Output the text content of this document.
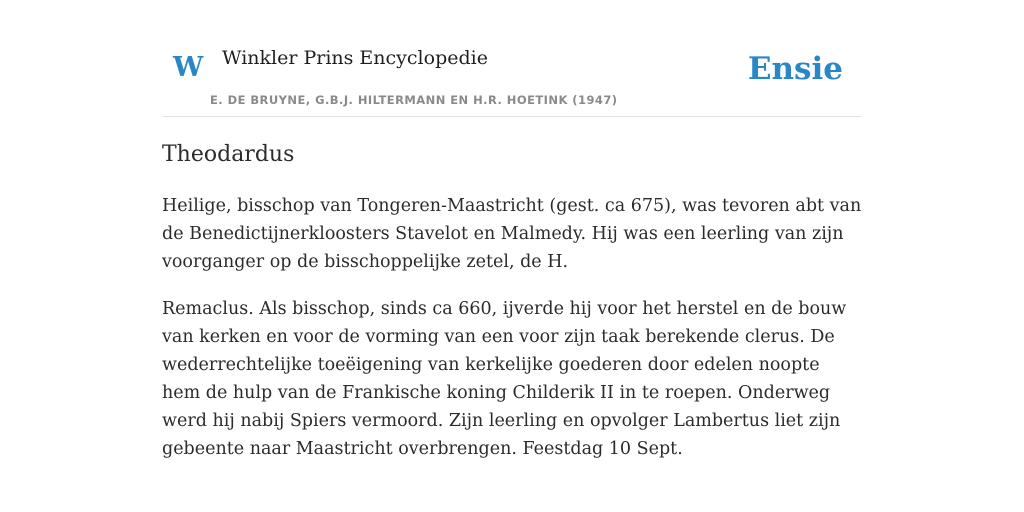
W Winkler Prins Encyclopedie
E. DE BRUYNE, G.B.J. HILTERMANN EN H.R. HOETINK (1947)
Ensie
Theodardus

Heilige, bisschop van Tongeren-Maastricht (gest. ca 675), was tevoren abt van de Benedictijnerkloosters Stavelot en Malmedy. Hij was een leerling van zijn voorganger op de bisschoppelijke zetel, de H.

Remaclus. Als bisschop, sinds ca 660, ijverde hij voor het herstel en de bouw van kerken en voor de vorming van een voor zijn taak berekende clerus. De wederrechtelijke toeëigening van kerkelijke goederen door edelen noopte hem de hulp van de Frankische koning Childerik II in te roepen. Onderweg werd hij nabij Spiers vermoord. Zijn leerling en opvolger Lambertus liet zijn gebeente naar Maastricht overbrengen. Feestdag 10 Sept.
